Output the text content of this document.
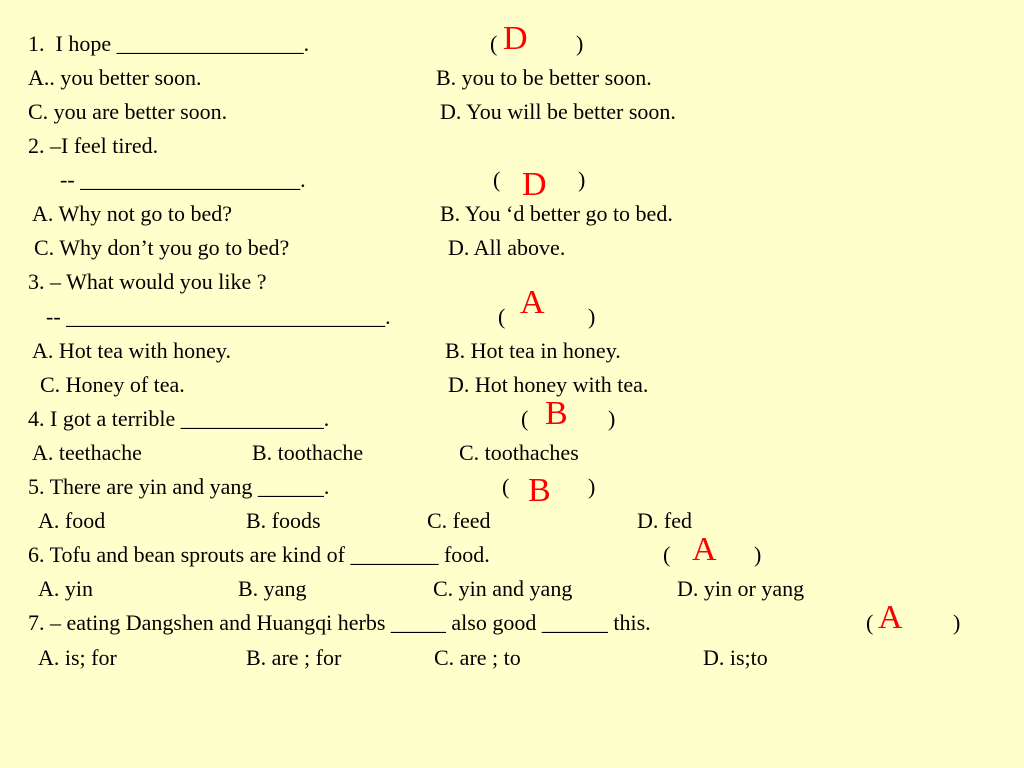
1.  I hope _________________.	( D )
A.. you better soon.	B. you to be better soon.
C. you are better soon.	D. You will be better soon.
2. –I feel tired.
-- ____________________.	( D )
A. Why not go to bed?	B. You ‘d better go to bed.
C. Why don’t you go to bed?	D. All above.
3. – What would you like ?
-- _____________________________.	( A )
A. Hot tea with honey.	B. Hot tea in honey.
C. Honey of tea.	D. Hot honey with tea.
4. I got a terrible _____________.	( B )
A. teethache	B. toothache	C. toothaches
5. There are yin and yang ______.	( B )
A. food	B. foods	C. feed	D. fed
6. Tofu and bean sprouts are kind of ________ food.	( A )
A. yin	B. yang	C. yin and yang	D. yin or yang
7. – eating Dangshen and Huangqi herbs _____ also good ______ this.	( A )
A. is; for	B. are ; for	C. are ; to	D. is;to
